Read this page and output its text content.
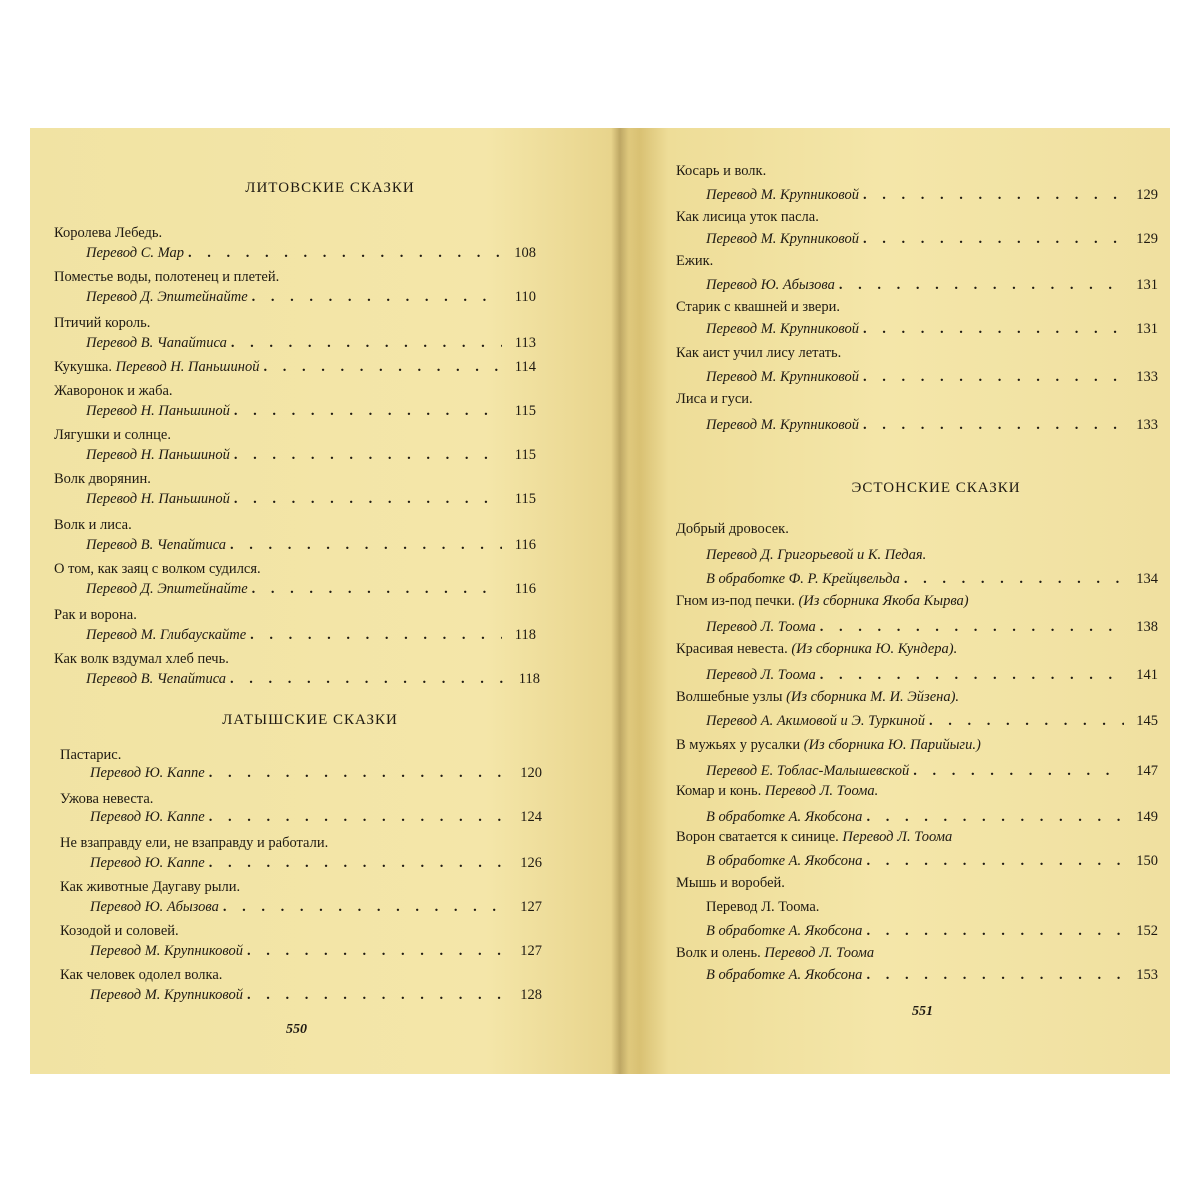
ЛИТОВСКИЕ СКАЗКИ
Королева Лебедь.
Перевод С. Мар . . .	108
Поместье воды, полотенец и плетей.
Перевод Д. Эпштейнайте . . .	110
Птичий король.
Перевод В. Чапайтиса . . .	113
Кукушка.
Перевод Н. Паньшиной . . .	114
Жаворонок и жаба.
Перевод Н. Паньшиной . . .	115
Лягушки и солнце.
Перевод Н. Паньшиной . . .	115
Волк дворянин.
Перевод Н. Паньшиной . . .	115
Волк и лиса.
Перевод В. Чепайтиса . . .	116
О том, как заяц с волком судился.
Перевод Д. Эпштейнайте . . .	116
Рак и ворона.
Перевод М. Глибаускайте . . .	118
Как волк вздумал хлеб печь.
Перевод В. Чепайтиса . . .	118
ЛАТЫШСКИЕ СКАЗКИ
Пастарис.
Перевод Ю. Каппе . . .	120
Ужова невеста.
Перевод Ю. Каппе . . .	124
Не взаправду ели, не взаправду и работали.
Перевод Ю. Каппе . . .	126
Как животные Даугаву рыли.
Перевод Ю. Абызова . . .	127
Козодой и соловей.
Перевод М. Крупниковой . . .	127
Как человек одолел волка.
Перевод М. Крупниковой . . .	128
550
Косарь и волк.
Перевод М. Крупниковой . . .	129
Как лисица уток пасла.
Перевод М. Крупниковой . . .	129
Ежик.
Перевод Ю. Абызова . . .	131
Старик с квашней и звери.
Перевод М. Крупниковой . . .	131
Как аист учил лису летать.
Перевод М. Крупниковой . . .	133
Лиса и гуси.
Перевод М. Крупниковой . . .	133
ЭСТОНСКИЕ СКАЗКИ
Добрый дровосек.
Перевод Д. Григорьевой и К. Педая.
В обработке Ф. Р. Крейцвельда . . .	134
Гном из-под печки. (Из сборника Якоба Кырва)
Перевод Л. Тоома . . .	138
Красивая невеста. (Из сборника Ю. Кундера).
Перевод Л. Тоома . . .	141
Волшебные узлы (Из сборника М. И. Эйзена).
Перевод А. Акимовой и Э. Туркиной . . .	145
В мужьях у русалки (Из сборника Ю. Парийыги.)
Перевод Е. Тоблас-Малышевской . . .	147
Комар и конь. Перевод Л. Тоома.
В обработке А. Якобсона . . .	149
Ворон сватается к синице. Перевод Л. Тоома
В обработке А. Якобсона . . .	150
Мышь и воробей.
Перевод Л. Тоома.
В обработке А. Якобсона . . .	152
Волк и олень. Перевод Л. Тоома
В обработке А. Якобсона . . .	153
551
